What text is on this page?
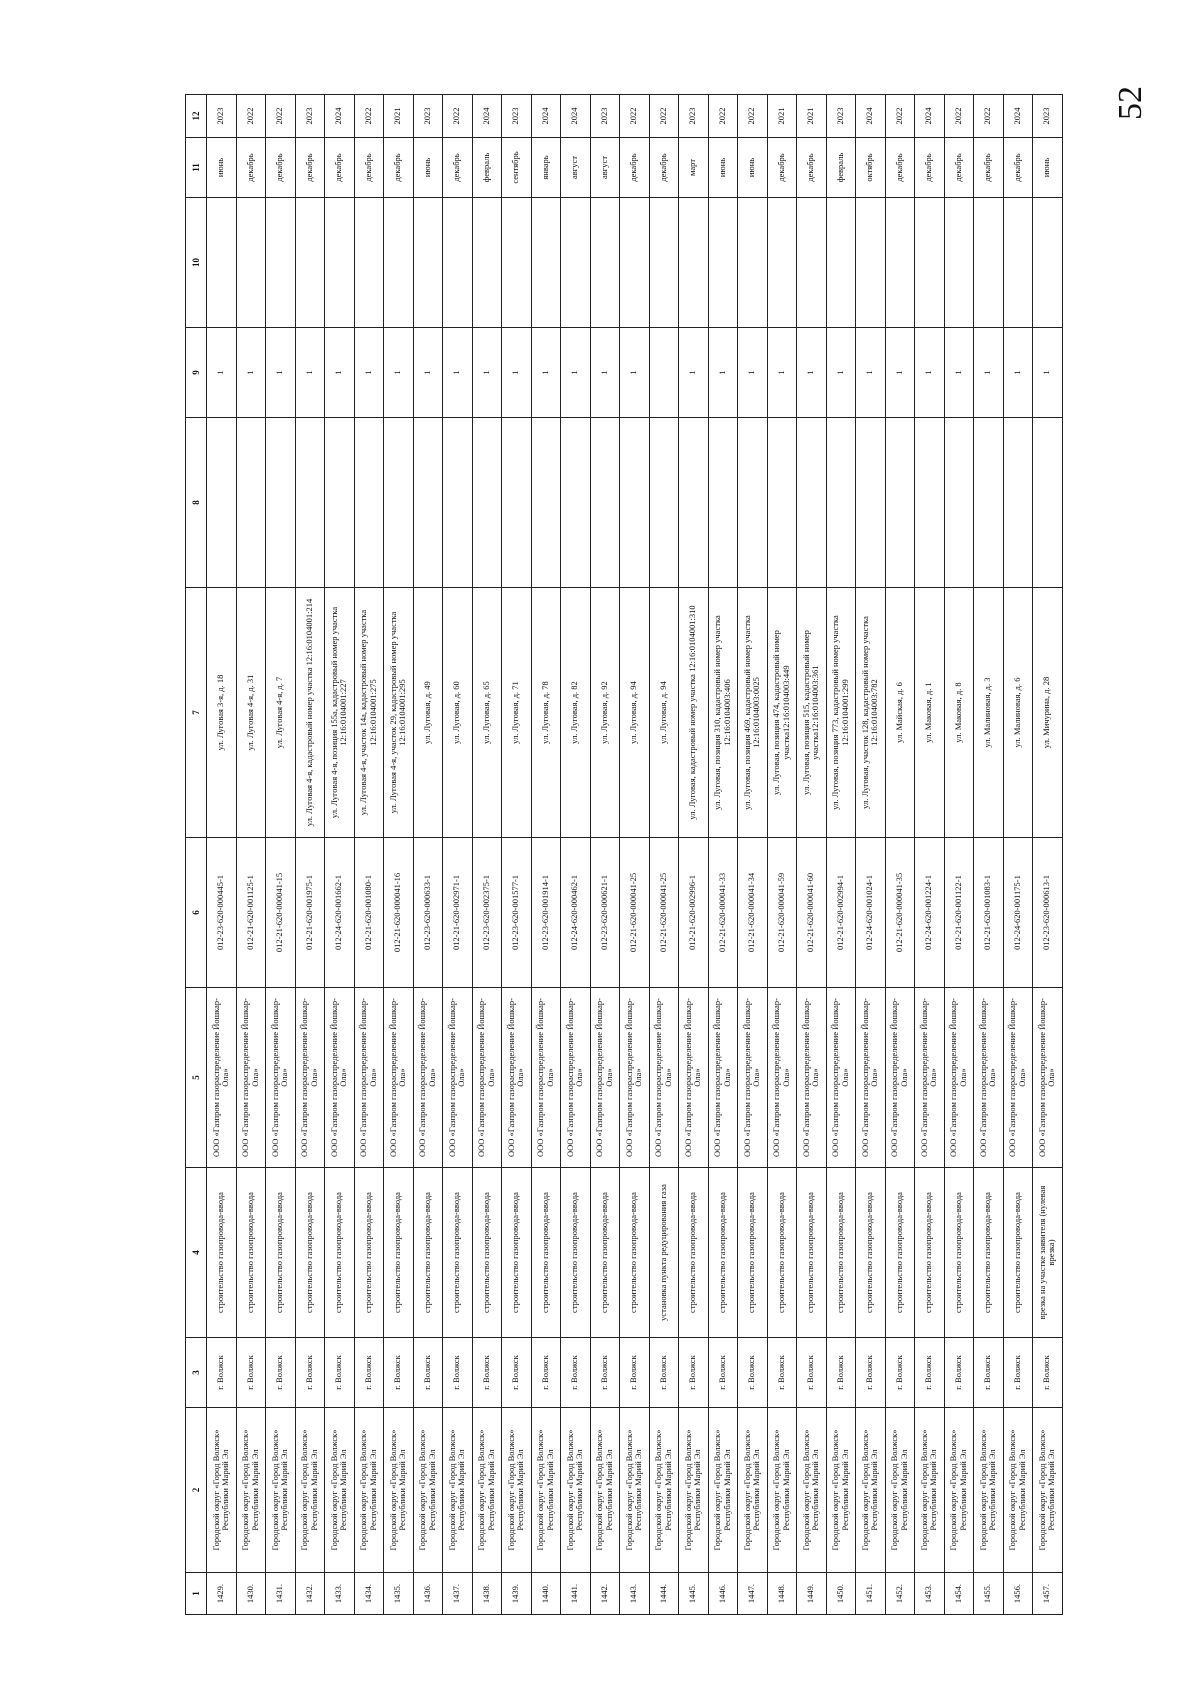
52
1	2	3	4	5	6	7	8	9	10	11	12
1429.	Городской округ «Город Волжск» Республики Марий Эл	г. Волжск	строительство газопровода-ввода	ООО «Газпром газораспределение Йошкар-Ола»	012-23-620-000445-1	ул. Луговая 3-я, д. 18		1		июнь	2023
1430.	Городской округ «Город Волжск» Республики Марий Эл	г. Волжск	строительство газопровода-ввода	ООО «Газпром газораспределение Йошкар-Ола»	012-21-620-001125-1	ул. Луговая 4-я, д. 31		1		декабрь	2022
1431.	Городской округ «Город Волжск» Республики Марий Эл	г. Волжск	строительство газопровода-ввода	ООО «Газпром газораспределение Йошкар-Ола»	012-21-620-000041-15	ул. Луговая 4-я, д. 7		1		декабрь	2022
1432.	Городской округ «Город Волжск» Республики Марий Эл	г. Волжск	строительство газопровода-ввода	ООО «Газпром газораспределение Йошкар-Ола»	012-21-620-001975-1	ул. Луговая 4-я, кадастровый номер участка 12:16:0104001:214		1		декабрь	2023
1433.	Городской округ «Город Волжск» Республики Марий Эл	г. Волжск	строительство газопровода-ввода	ООО «Газпром газораспределение Йошкар-Ола»	012-24-620-001662-1	ул. Луговая 4-я, позиция 155а, кадастровый номер участка 12:16:0104001:227		1		декабрь	2024
1434.	Городской округ «Город Волжск» Республики Марий Эл	г. Волжск	строительство газопровода-ввода	ООО «Газпром газораспределение Йошкар-Ола»	012-21-620-001080-1	ул. Луговая 4-я, участок 14а, кадастровый номер участка 12:16:0104001:275		1		декабрь	2022
1435.	Городской округ «Город Волжск» Республики Марий Эл	г. Волжск	строительство газопровода-ввода	ООО «Газпром газораспределение Йошкар-Ола»	012-21-620-000041-16	ул. Луговая 4-я, участок 29, кадастровый номер участка 12:16:0104001:295		1		декабрь	2021
1436.	Городской округ «Город Волжск» Республики Марий Эл	г. Волжск	строительство газопровода-ввода	ООО «Газпром газораспределение Йошкар-Ола»	012-23-620-000633-1	ул. Луговая, д. 49		1		июнь	2023
1437.	Городской округ «Город Волжск» Республики Марий Эл	г. Волжск	строительство газопровода-ввода	ООО «Газпром газораспределение Йошкар-Ола»	012-21-620-002971-1	ул. Луговая, д. 60		1		декабрь	2022
1438.	Городской округ «Город Волжск» Республики Марий Эл	г. Волжск	строительство газопровода-ввода	ООО «Газпром газораспределение Йошкар-Ола»	012-23-620-002375-1	ул. Луговая, д. 65		1		февраль	2024
1439.	Городской округ «Город Волжск» Республики Марий Эл	г. Волжск	строительство газопровода-ввода	ООО «Газпром газораспределение Йошкар-Ола»	012-23-620-001577-1	ул. Луговая, д. 71		1		сентябрь	2023
1440.	Городской округ «Город Волжск» Республики Марий Эл	г. Волжск	строительство газопровода-ввода	ООО «Газпром газораспределение Йошкар-Ола»	012-23-620-001914-1	ул. Луговая, д. 78		1		январь	2024
1441.	Городской округ «Город Волжск» Республики Марий Эл	г. Волжск	строительство газопровода-ввода	ООО «Газпром газораспределение Йошкар-Ола»	012-24-620-000462-1	ул. Луговая, д. 82		1		август	2024
1442.	Городской округ «Город Волжск» Республики Марий Эл	г. Волжск	строительство газопровода-ввода	ООО «Газпром газораспределение Йошкар-Ола»	012-23-620-000621-1	ул. Луговая, д. 92		1		август	2023
1443.	Городской округ «Город Волжск» Республики Марий Эл	г. Волжск	строительство газопровода-ввода	ООО «Газпром газораспределение Йошкар-Ола»	012-21-620-000041-25	ул. Луговая, д. 94		1		декабрь	2022
1444.	Городской округ «Город Волжск» Республики Марий Эл	г. Волжск	установка пункта редуцирования газа	ООО «Газпром газораспределение Йошкар-Ола»	012-21-620-000041-25	ул. Луговая, д. 94				декабрь	2022
1445.	Городской округ «Город Волжск» Республики Марий Эл	г. Волжск	строительство газопровода-ввода	ООО «Газпром газораспределение Йошкар-Ола»	012-21-620-002996-1	ул. Луговая, кадастровый номер участка 12:16:0104001:310		1		март	2023
1446.	Городской округ «Город Волжск» Республики Марий Эл	г. Волжск	строительство газопровода-ввода	ООО «Газпром газораспределение Йошкар-Ола»	012-21-620-000041-33	ул. Луговая, позиция 310, кадастровый номер участка 12:16:0104003:406		1		июнь	2022
1447.	Городской округ «Город Волжск» Республики Марий Эл	г. Волжск	строительство газопровода-ввода	ООО «Газпром газораспределение Йошкар-Ола»	012-21-620-000041-34	ул. Луговая, позиция 469, кадастровый номер участка 12:16:0104003:0025		1		июнь	2022
1448.	Городской округ «Город Волжск» Республики Марий Эл	г. Волжск	строительство газопровода-ввода	ООО «Газпром газораспределение Йошкар-Ола»	012-21-620-000041-59	ул. Луговая, позиция 474, кадастровый номер участка12:16:0104003:449		1		декабрь	2021
1449.	Городской округ «Город Волжск» Республики Марий Эл	г. Волжск	строительство газопровода-ввода	ООО «Газпром газораспределение Йошкар-Ола»	012-21-620-000041-60	ул. Луговая, позиция 515, кадастровый номер участка12:16:0104003:361		1		декабрь	2021
1450.	Городской округ «Город Волжск» Республики Марий Эл	г. Волжск	строительство газопровода-ввода	ООО «Газпром газораспределение Йошкар-Ола»	012-21-620-002994-1	ул. Луговая, позиция 773, кадастровый номер участка 12:16:0104001:299		1		февраль	2023
1451.	Городской округ «Город Волжск» Республики Марий Эл	г. Волжск	строительство газопровода-ввода	ООО «Газпром газораспределение Йошкар-Ола»	012-24-620-001024-1	ул. Луговая, участок 128, кадастровый номер участка 12:16:0104003:782		1		октябрь	2024
1452.	Городской округ «Город Волжск» Республики Марий Эл	г. Волжск	строительство газопровода-ввода	ООО «Газпром газораспределение Йошкар-Ола»	012-21-620-000041-35	ул. Майская, д. 6		1		декабрь	2022
1453.	Городской округ «Город Волжск» Республики Марий Эл	г. Волжск	строительство газопровода-ввода	ООО «Газпром газораспределение Йошкар-Ола»	012-24-620-001224-1	ул. Маковая, д. 1		1		декабрь	2024
1454.	Городской округ «Город Волжск» Республики Марий Эл	г. Волжск	строительство газопровода-ввода	ООО «Газпром газораспределение Йошкар-Ола»	012-21-620-001122-1	ул. Маковая, д. 8		1		декабрь	2022
1455.	Городской округ «Город Волжск» Республики Марий Эл	г. Волжск	строительство газопровода-ввода	ООО «Газпром газораспределение Йошкар-Ола»	012-21-620-001083-1	ул. Малиновая, д. 3		1		декабрь	2022
1456.	Городской округ «Город Волжск» Республики Марий Эл	г. Волжск	строительство газопровода-ввода	ООО «Газпром газораспределение Йошкар-Ола»	012-24-620-001175-1	ул. Малиновая, д. 6		1		декабрь	2024
1457.	Городской округ «Город Волжск» Республики Марий Эл	г. Волжск	врезка на участке заявителя (нулевая врезка)	ООО «Газпром газораспределение Йошкар-Ола»	012-23-620-000613-1	ул. Мичурина, д. 28		1		июнь	2023
